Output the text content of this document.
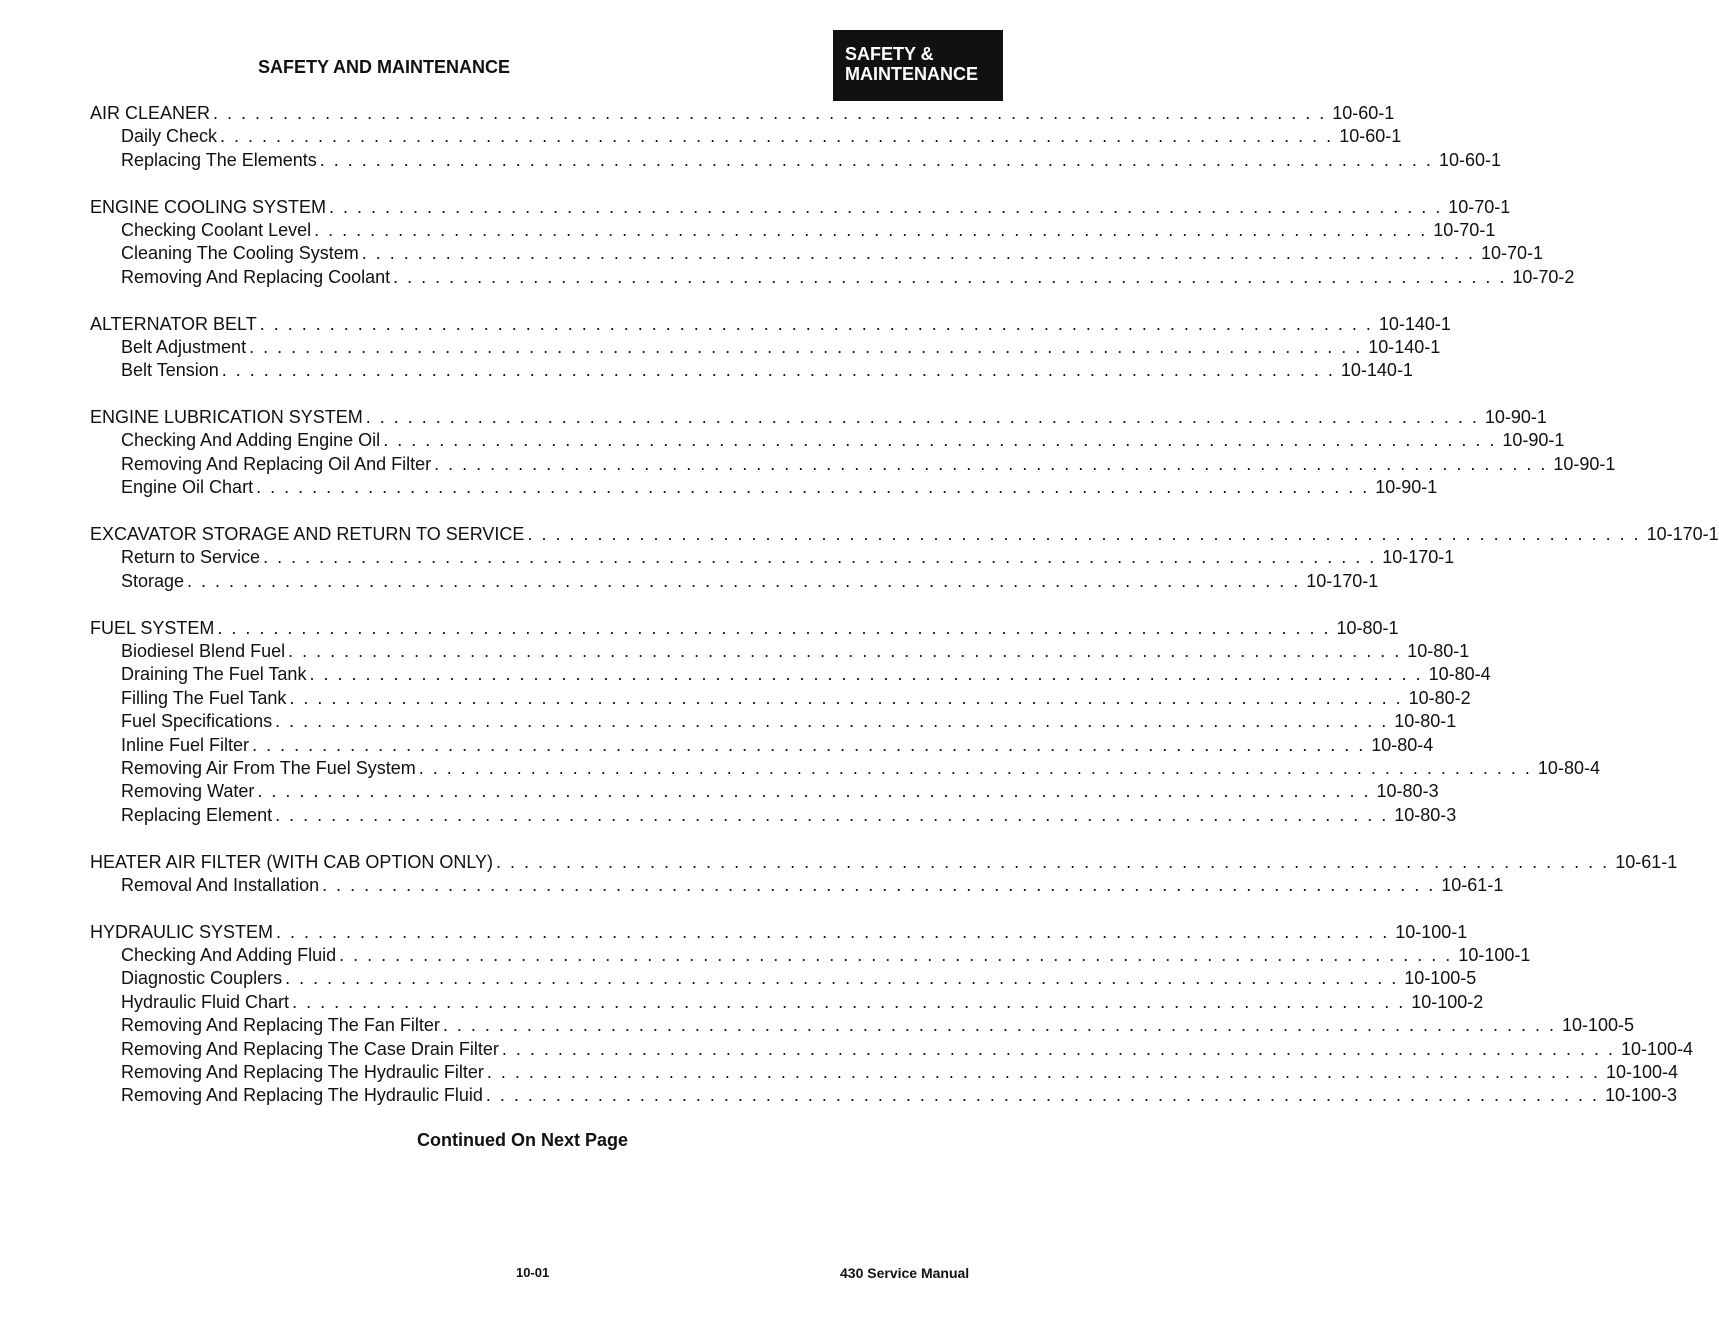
SAFETY &
MAINTENANCE
SAFETY AND MAINTENANCE
AIR CLEANER . . . . . . . . . . . . . . . . . . . . . . . . . . . . . . . . . . . . . . . . . . . . . . . . . . . . . . . . . . . . . . . . . . . . . . . . . . . . . . . . 10-60-1
Daily Check . . . . . . . . . . . . . . . . . . . . . . . . . . . . . . . . . . . . . . . . . . . . . . . . . . . . . . . . . . . . . . . . . . . . . . . . . . . . . . . . 10-60-1
Replacing The Elements . . . . . . . . . . . . . . . . . . . . . . . . . . . . . . . . . . . . . . . . . . . . . . . . . . . . . . . . . . . . . . . . . . . . . . . . . . . . . . . . 10-60-1
ENGINE COOLING SYSTEM . . . . . . . . . . . . . . . . . . . . . . . . . . . . . . . . . . . . . . . . . . . . . . . . . . . . . . . . . . . . . . . . . . . . . . . . . . . . . . . . 10-70-1
Checking Coolant Level . . . . . . . . . . . . . . . . . . . . . . . . . . . . . . . . . . . . . . . . . . . . . . . . . . . . . . . . . . . . . . . . . . . . . . . . . . . . . . . . 10-70-1
Cleaning The Cooling System . . . . . . . . . . . . . . . . . . . . . . . . . . . . . . . . . . . . . . . . . . . . . . . . . . . . . . . . . . . . . . . . . . . . . . . . . . . . . . . . 10-70-1
Removing And Replacing Coolant . . . . . . . . . . . . . . . . . . . . . . . . . . . . . . . . . . . . . . . . . . . . . . . . . . . . . . . . . . . . . . . . . . . . . . . . . . . . . . . . 10-70-2
ALTERNATOR BELT . . . . . . . . . . . . . . . . . . . . . . . . . . . . . . . . . . . . . . . . . . . . . . . . . . . . . . . . . . . . . . . . . . . . . . . . . . . . . . . . 10-140-1
Belt Adjustment . . . . . . . . . . . . . . . . . . . . . . . . . . . . . . . . . . . . . . . . . . . . . . . . . . . . . . . . . . . . . . . . . . . . . . . . . . . . . . . . 10-140-1
Belt Tension . . . . . . . . . . . . . . . . . . . . . . . . . . . . . . . . . . . . . . . . . . . . . . . . . . . . . . . . . . . . . . . . . . . . . . . . . . . . . . . . 10-140-1
ENGINE LUBRICATION SYSTEM . . . . . . . . . . . . . . . . . . . . . . . . . . . . . . . . . . . . . . . . . . . . . . . . . . . . . . . . . . . . . . . . . . . . . . . . . . . . . . . . 10-90-1
Checking And Adding Engine Oil . . . . . . . . . . . . . . . . . . . . . . . . . . . . . . . . . . . . . . . . . . . . . . . . . . . . . . . . . . . . . . . . . . . . . . . . . . . . . . . . 10-90-1
Removing And Replacing Oil And Filter . . . . . . . . . . . . . . . . . . . . . . . . . . . . . . . . . . . . . . . . . . . . . . . . . . . . . . . . . . . . . . . . . . . . . . . . . . . . . . . . 10-90-1
Engine Oil Chart . . . . . . . . . . . . . . . . . . . . . . . . . . . . . . . . . . . . . . . . . . . . . . . . . . . . . . . . . . . . . . . . . . . . . . . . . . . . . . . . 10-90-1
EXCAVATOR STORAGE AND RETURN TO SERVICE . . . . . . . . . . . . . . . . . . . . . . . . . . . . . . . . . . . . . . . . . . . . . . . . . . . . . . . . . . . . . . . . . . . . . . . . . . . . . . . . 10-170-1
Return to Service . . . . . . . . . . . . . . . . . . . . . . . . . . . . . . . . . . . . . . . . . . . . . . . . . . . . . . . . . . . . . . . . . . . . . . . . . . . . . . . . 10-170-1
Storage . . . . . . . . . . . . . . . . . . . . . . . . . . . . . . . . . . . . . . . . . . . . . . . . . . . . . . . . . . . . . . . . . . . . . . . . . . . . . . . . 10-170-1
FUEL SYSTEM . . . . . . . . . . . . . . . . . . . . . . . . . . . . . . . . . . . . . . . . . . . . . . . . . . . . . . . . . . . . . . . . . . . . . . . . . . . . . . . . 10-80-1
Biodiesel Blend Fuel . . . . . . . . . . . . . . . . . . . . . . . . . . . . . . . . . . . . . . . . . . . . . . . . . . . . . . . . . . . . . . . . . . . . . . . . . . . . . . . . 10-80-1
Draining The Fuel Tank . . . . . . . . . . . . . . . . . . . . . . . . . . . . . . . . . . . . . . . . . . . . . . . . . . . . . . . . . . . . . . . . . . . . . . . . . . . . . . . . 10-80-4
Filling The Fuel Tank . . . . . . . . . . . . . . . . . . . . . . . . . . . . . . . . . . . . . . . . . . . . . . . . . . . . . . . . . . . . . . . . . . . . . . . . . . . . . . . . 10-80-2
Fuel Specifications . . . . . . . . . . . . . . . . . . . . . . . . . . . . . . . . . . . . . . . . . . . . . . . . . . . . . . . . . . . . . . . . . . . . . . . . . . . . . . . . 10-80-1
Inline Fuel Filter . . . . . . . . . . . . . . . . . . . . . . . . . . . . . . . . . . . . . . . . . . . . . . . . . . . . . . . . . . . . . . . . . . . . . . . . . . . . . . . . 10-80-4
Removing Air From The Fuel System . . . . . . . . . . . . . . . . . . . . . . . . . . . . . . . . . . . . . . . . . . . . . . . . . . . . . . . . . . . . . . . . . . . . . . . . . . . . . . . . 10-80-4
Removing Water . . . . . . . . . . . . . . . . . . . . . . . . . . . . . . . . . . . . . . . . . . . . . . . . . . . . . . . . . . . . . . . . . . . . . . . . . . . . . . . . 10-80-3
Replacing Element . . . . . . . . . . . . . . . . . . . . . . . . . . . . . . . . . . . . . . . . . . . . . . . . . . . . . . . . . . . . . . . . . . . . . . . . . . . . . . . . 10-80-3
HEATER AIR FILTER (WITH CAB OPTION ONLY) . . . . . . . . . . . . . . . . . . . . . . . . . . . . . . . . . . . . . . . . . . . . . . . . . . . . . . . . . . . . . . . . . . . . . . . . . . . . . . . . 10-61-1
Removal And Installation . . . . . . . . . . . . . . . . . . . . . . . . . . . . . . . . . . . . . . . . . . . . . . . . . . . . . . . . . . . . . . . . . . . . . . . . . . . . . . . . 10-61-1
HYDRAULIC SYSTEM . . . . . . . . . . . . . . . . . . . . . . . . . . . . . . . . . . . . . . . . . . . . . . . . . . . . . . . . . . . . . . . . . . . . . . . . . . . . . . . . 10-100-1
Checking And Adding Fluid . . . . . . . . . . . . . . . . . . . . . . . . . . . . . . . . . . . . . . . . . . . . . . . . . . . . . . . . . . . . . . . . . . . . . . . . . . . . . . . . 10-100-1
Diagnostic Couplers . . . . . . . . . . . . . . . . . . . . . . . . . . . . . . . . . . . . . . . . . . . . . . . . . . . . . . . . . . . . . . . . . . . . . . . . . . . . . . . . 10-100-5
Hydraulic Fluid Chart . . . . . . . . . . . . . . . . . . . . . . . . . . . . . . . . . . . . . . . . . . . . . . . . . . . . . . . . . . . . . . . . . . . . . . . . . . . . . . . . 10-100-2
Removing And Replacing The Fan Filter . . . . . . . . . . . . . . . . . . . . . . . . . . . . . . . . . . . . . . . . . . . . . . . . . . . . . . . . . . . . . . . . . . . . . . . . . . . . . . . . 10-100-5
Removing And Replacing The Case Drain Filter . . . . . . . . . . . . . . . . . . . . . . . . . . . . . . . . . . . . . . . . . . . . . . . . . . . . . . . . . . . . . . . . . . . . . . . . . . . . . . . . 10-100-4
Removing And Replacing The Hydraulic Filter . . . . . . . . . . . . . . . . . . . . . . . . . . . . . . . . . . . . . . . . . . . . . . . . . . . . . . . . . . . . . . . . . . . . . . . . . . . . . . . . 10-100-4
Removing And Replacing The Hydraulic Fluid . . . . . . . . . . . . . . . . . . . . . . . . . . . . . . . . . . . . . . . . . . . . . . . . . . . . . . . . . . . . . . . . . . . . . . . . . . . . . . . . 10-100-3
Continued On Next Page
10-01	430 Service Manual
